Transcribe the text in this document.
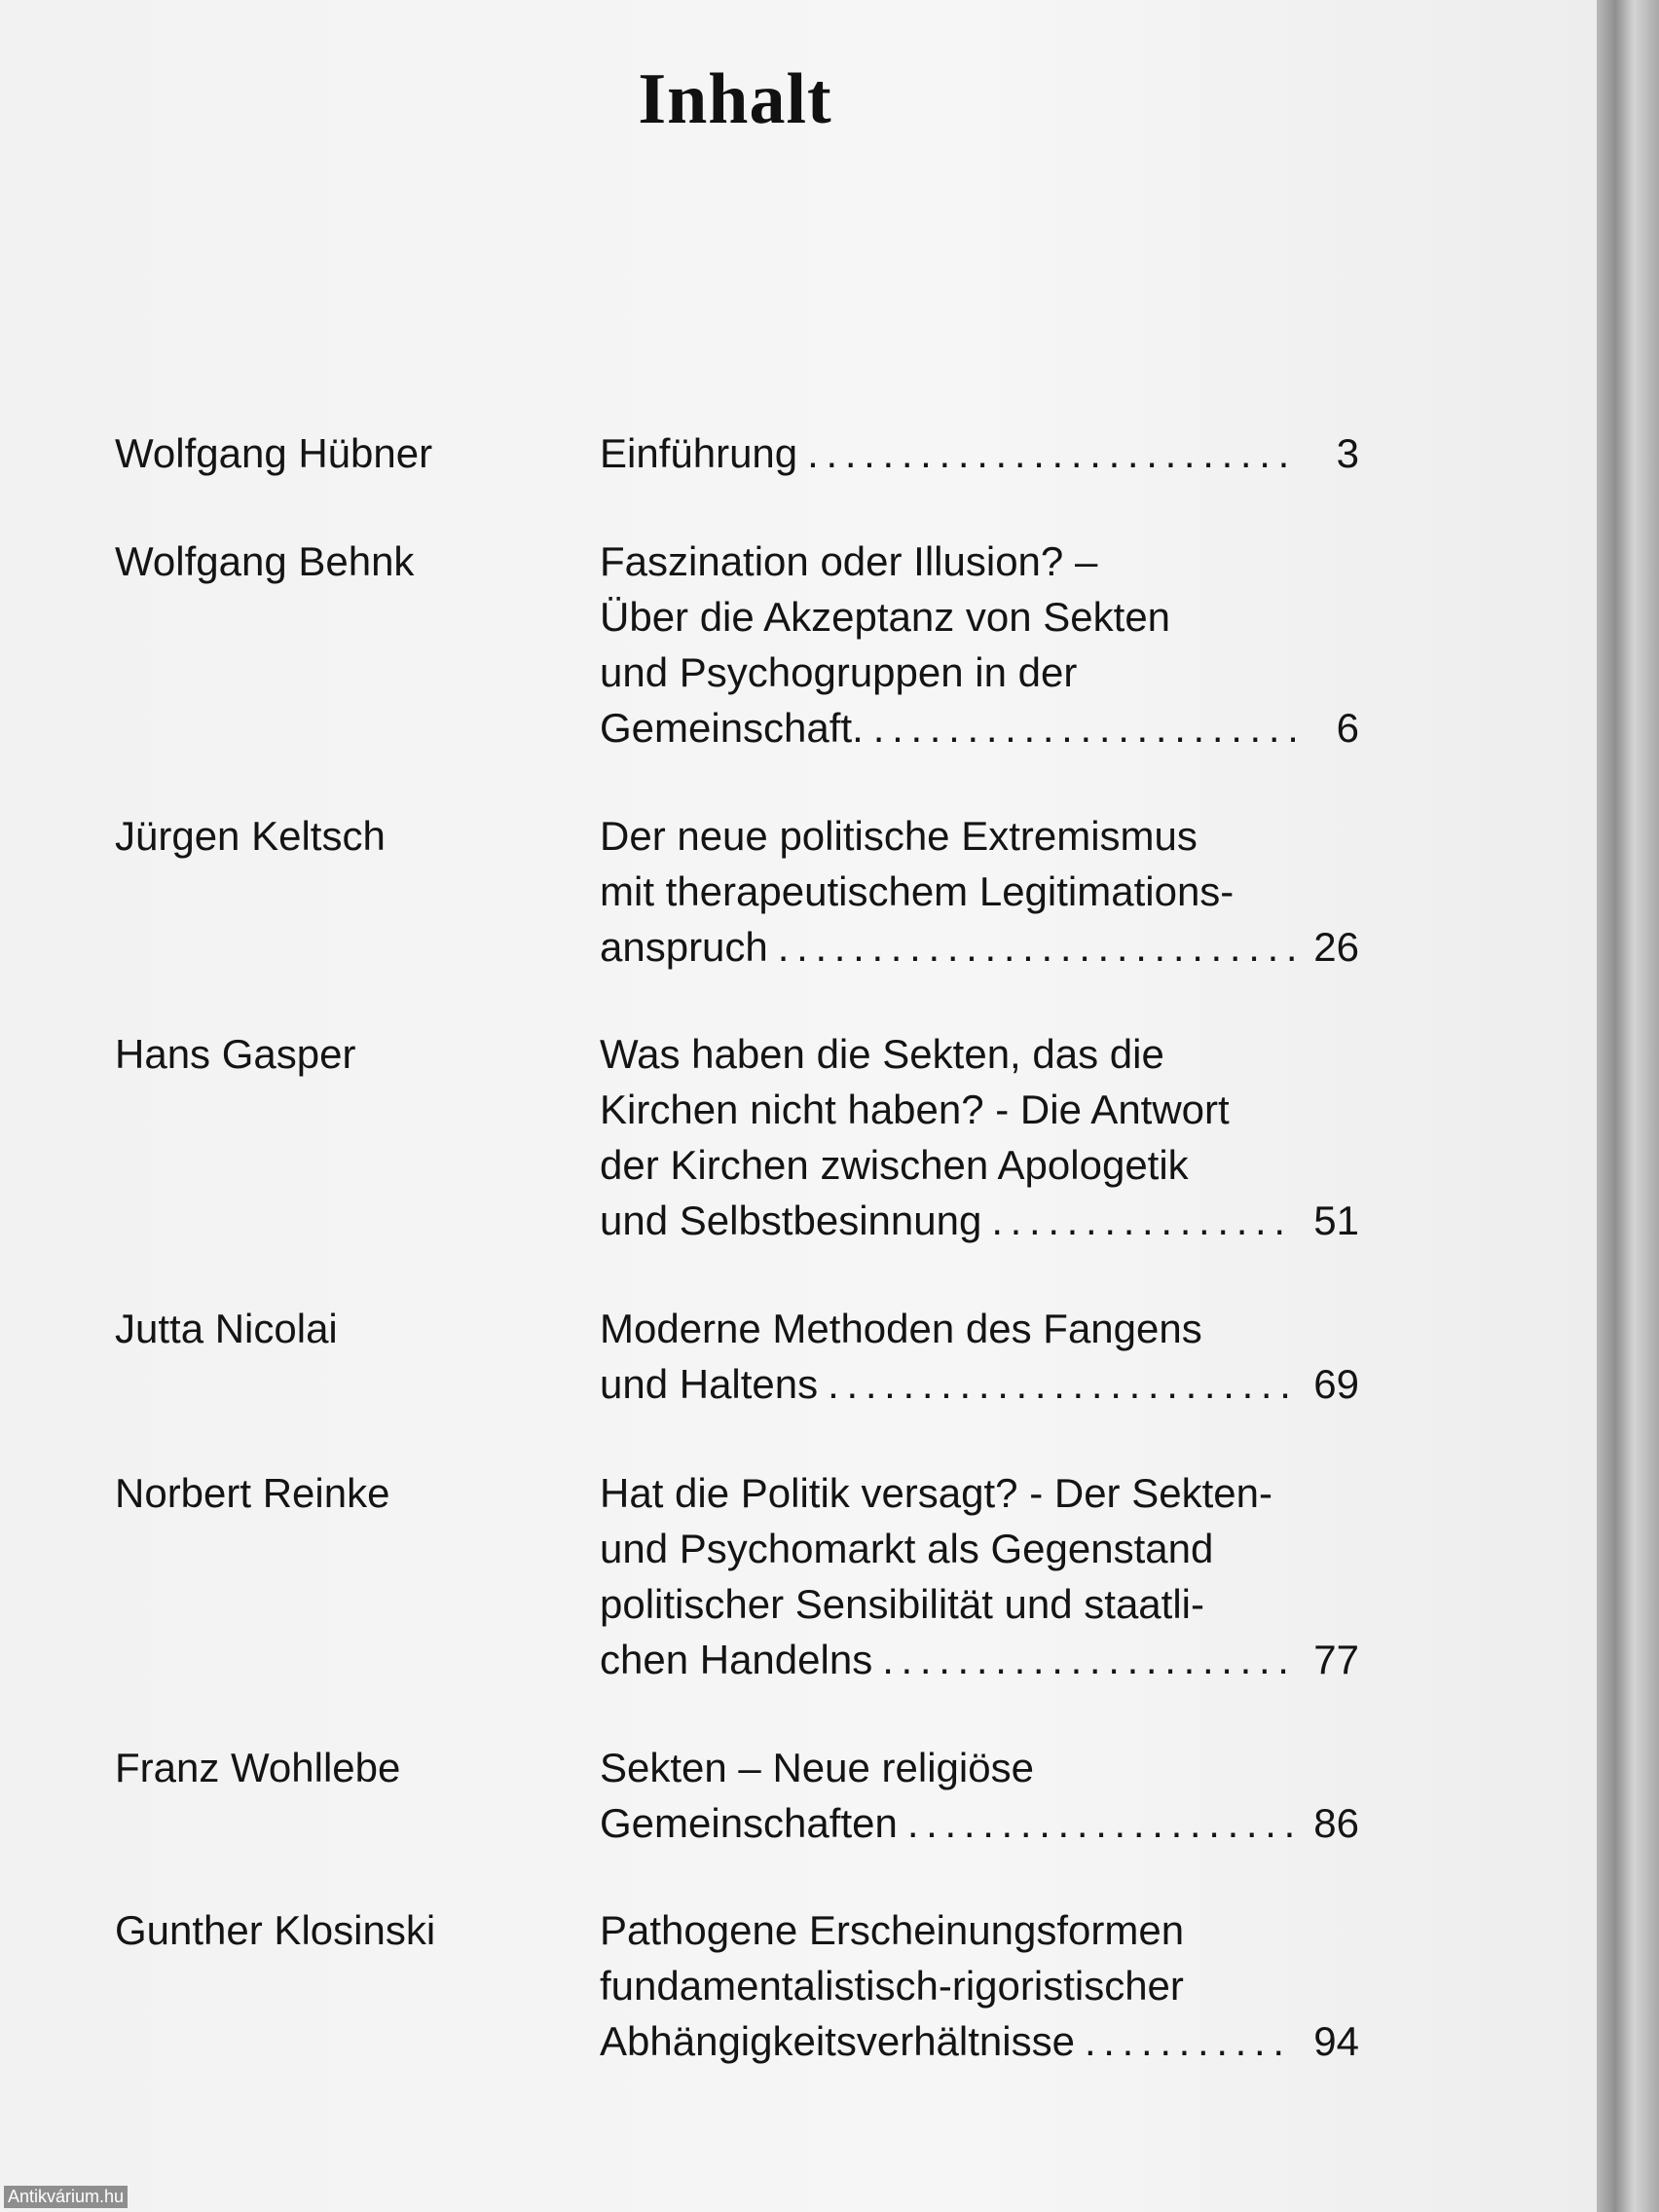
Inhalt
Wolfgang Hübner	Einführung . . .	3
Wolfgang Behnk	Faszination oder Illusion? –
Über die Akzeptanz von Sekten
und Psychogruppen in der
Gemeinschaft. . . .	6
Jürgen Keltsch	Der neue politische Extremismus
mit therapeutischem Legitimations-
anspruch . . .	26
Hans Gasper	Was haben die Sekten, das die
Kirchen nicht haben? - Die Antwort
der Kirchen zwischen Apologetik
und Selbstbesinnung . . .	51
Jutta Nicolai	Moderne Methoden des Fangens
und Haltens . . .	69
Norbert Reinke	Hat die Politik versagt? - Der Sekten-
und Psychomarkt als Gegenstand
politischer Sensibilität und staatli-
chen Handelns . . .	77
Franz Wohllebe	Sekten – Neue religiöse
Gemeinschaften . . .	86
Gunther Klosinski	Pathogene Erscheinungsformen
fundamentalistisch-rigoristischer
Abhängigkeitsverhältnisse . . .	94
Antikvárium.hu
